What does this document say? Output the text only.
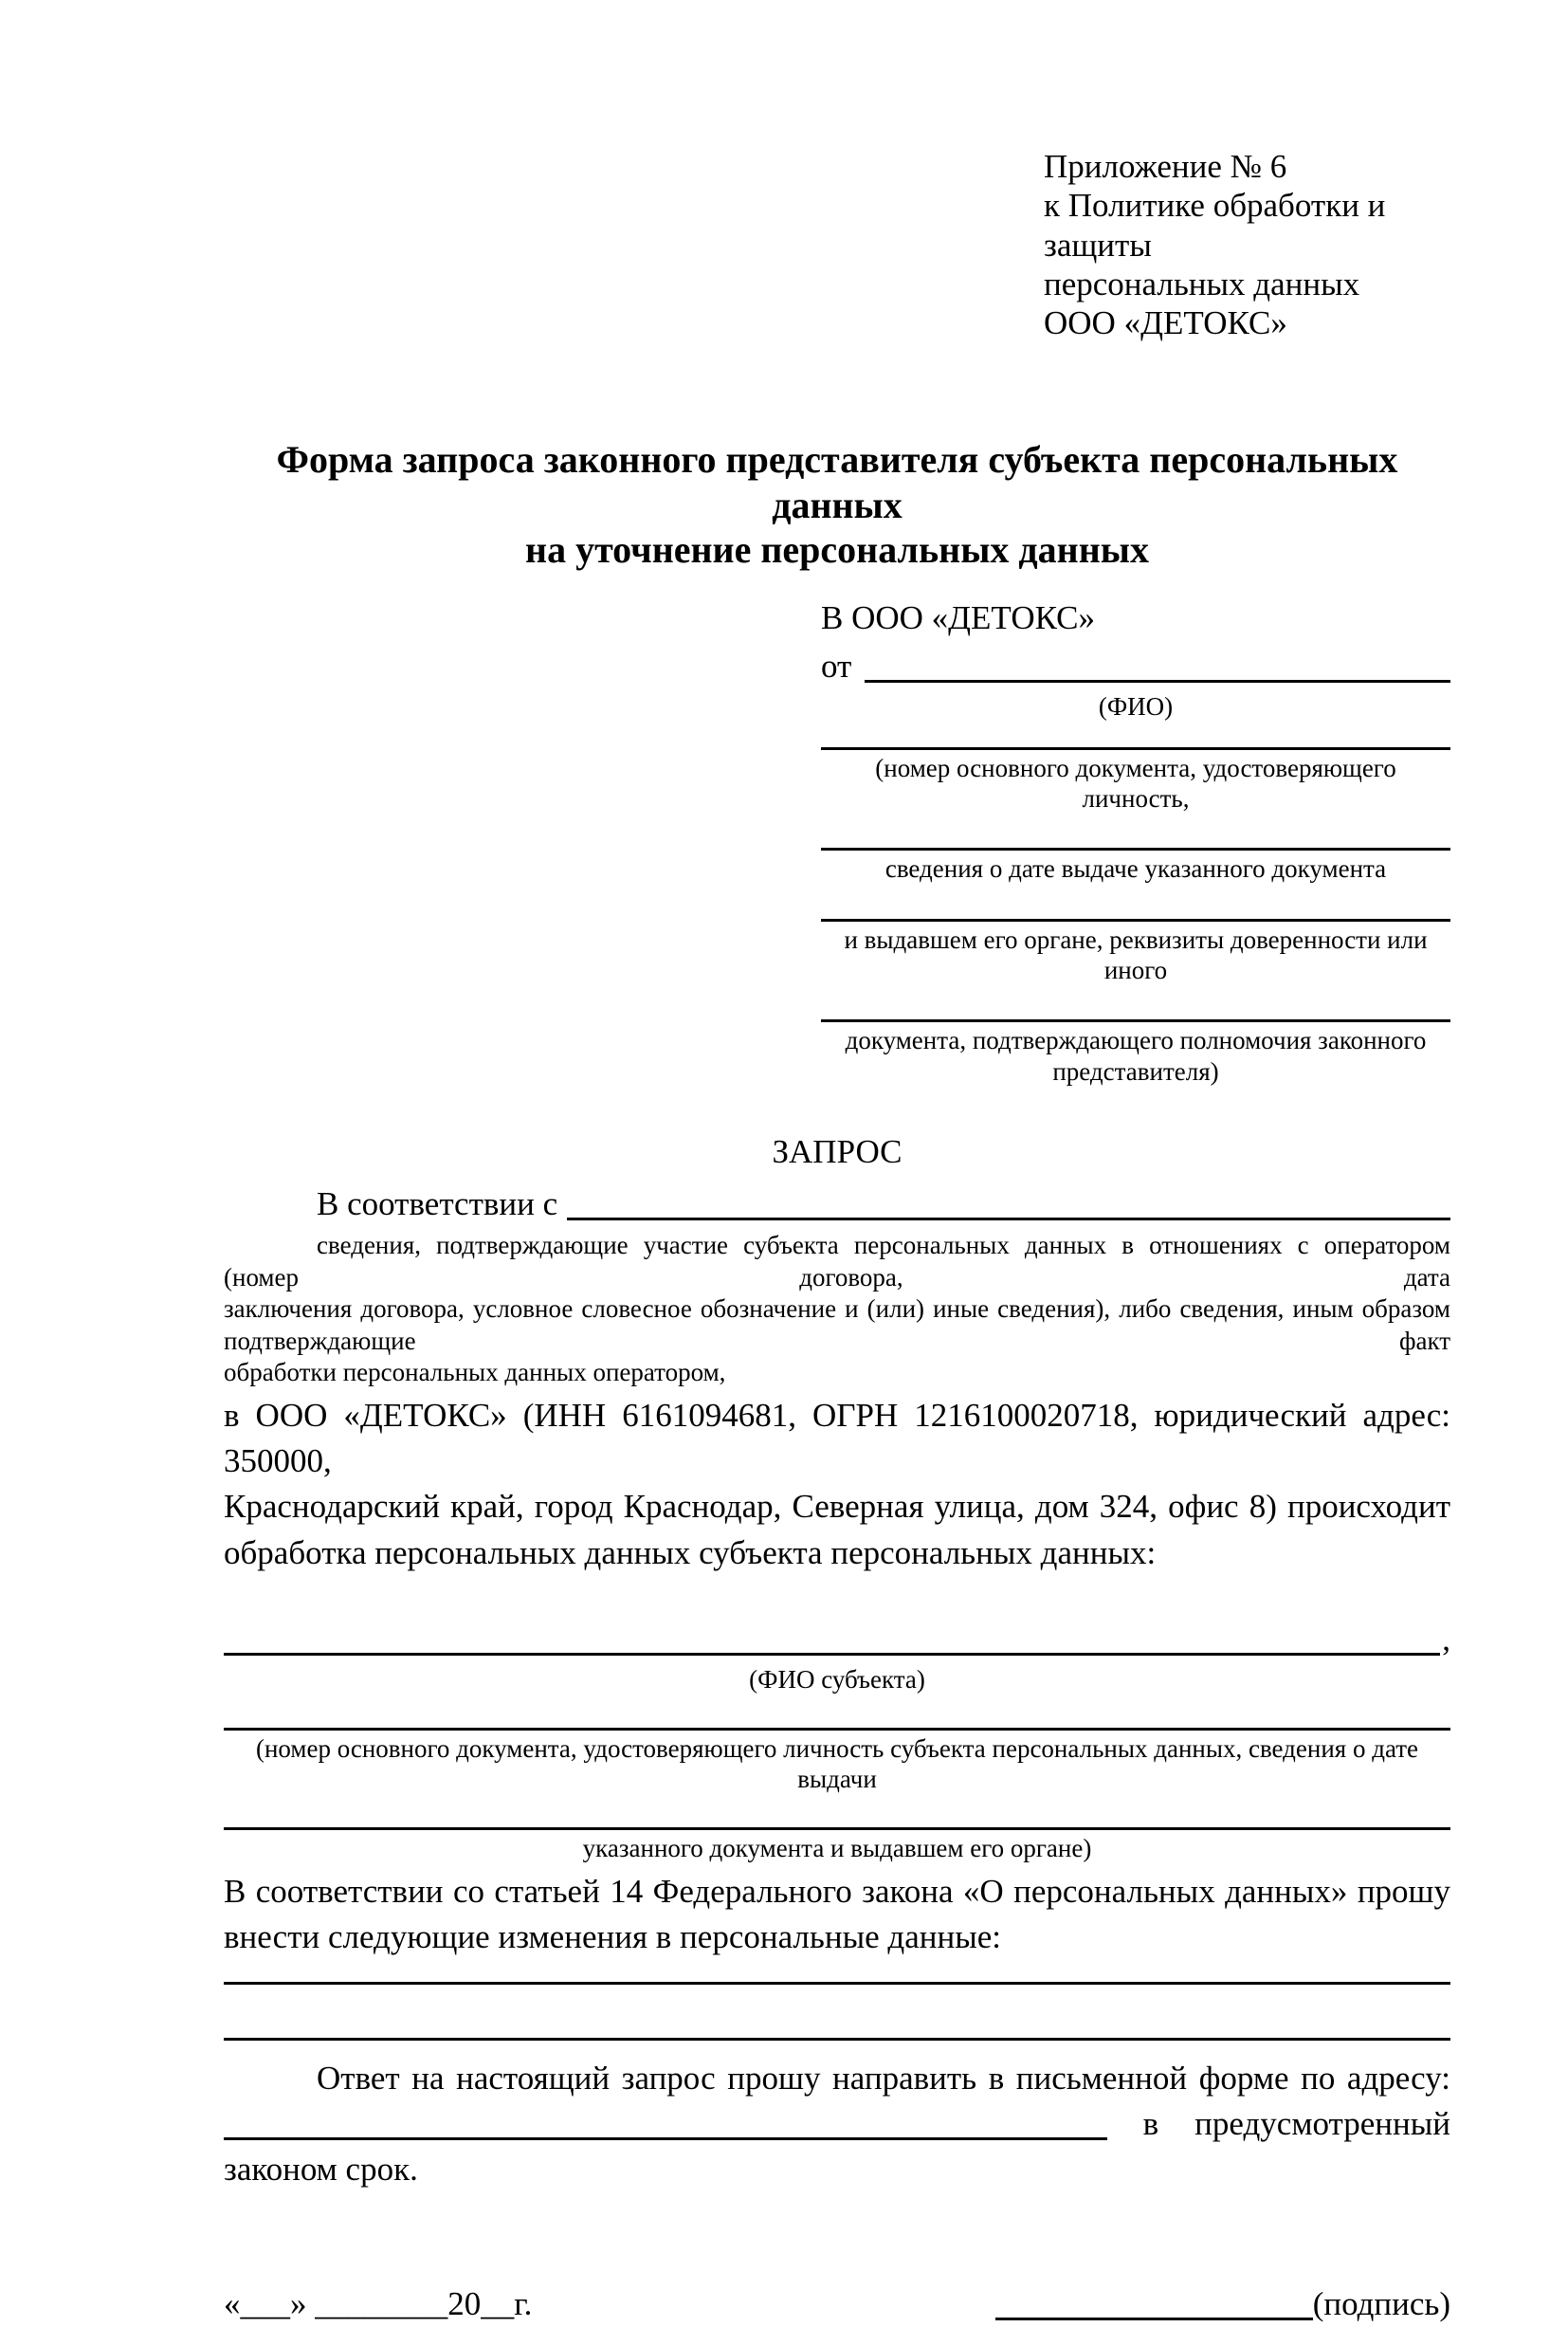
Приложение № 6
к Политике обработки и защиты
персональных данных
ООО «ДЕТОКС»
Форма запроса законного представителя субъекта персональных данных
на уточнение персональных данных
В ООО «ДЕТОКС»
от
(ФИО)
(номер основного документа, удостоверяющего личность,
сведения о дате выдаче указанного документа
и выдавшем его органе, реквизиты доверенности или иного
документа, подтверждающего полномочия законного представителя)
ЗАПРОС
В соответствии с
сведения, подтверждающие участие субъекта персональных данных в отношениях с оператором (номер договора, дата
заключения договора, условное словесное обозначение и (или) иные сведения), либо сведения, иным образом подтверждающие факт
обработки персональных данных оператором,
в ООО «ДЕТОКС» (ИНН 6161094681, ОГРН 1216100020718, юридический адрес: 350000,
Краснодарский край, город Краснодар, Северная улица, дом 324, офис 8) происходит
обработка персональных данных субъекта персональных данных:
,
(ФИО субъекта)
(номер основного документа, удостоверяющего личность субъекта персональных данных, сведения о дате выдачи
указанного документа и выдавшем его органе)
В соответствии со статьей 14 Федерального закона «О персональных данных» прошу
внести следующие изменения в персональные данные:
Ответ на настоящий запрос прошу направить в письменной форме по адресу:
в предусмотренный
законом срок.
«___» ________20__г.	(подпись)
